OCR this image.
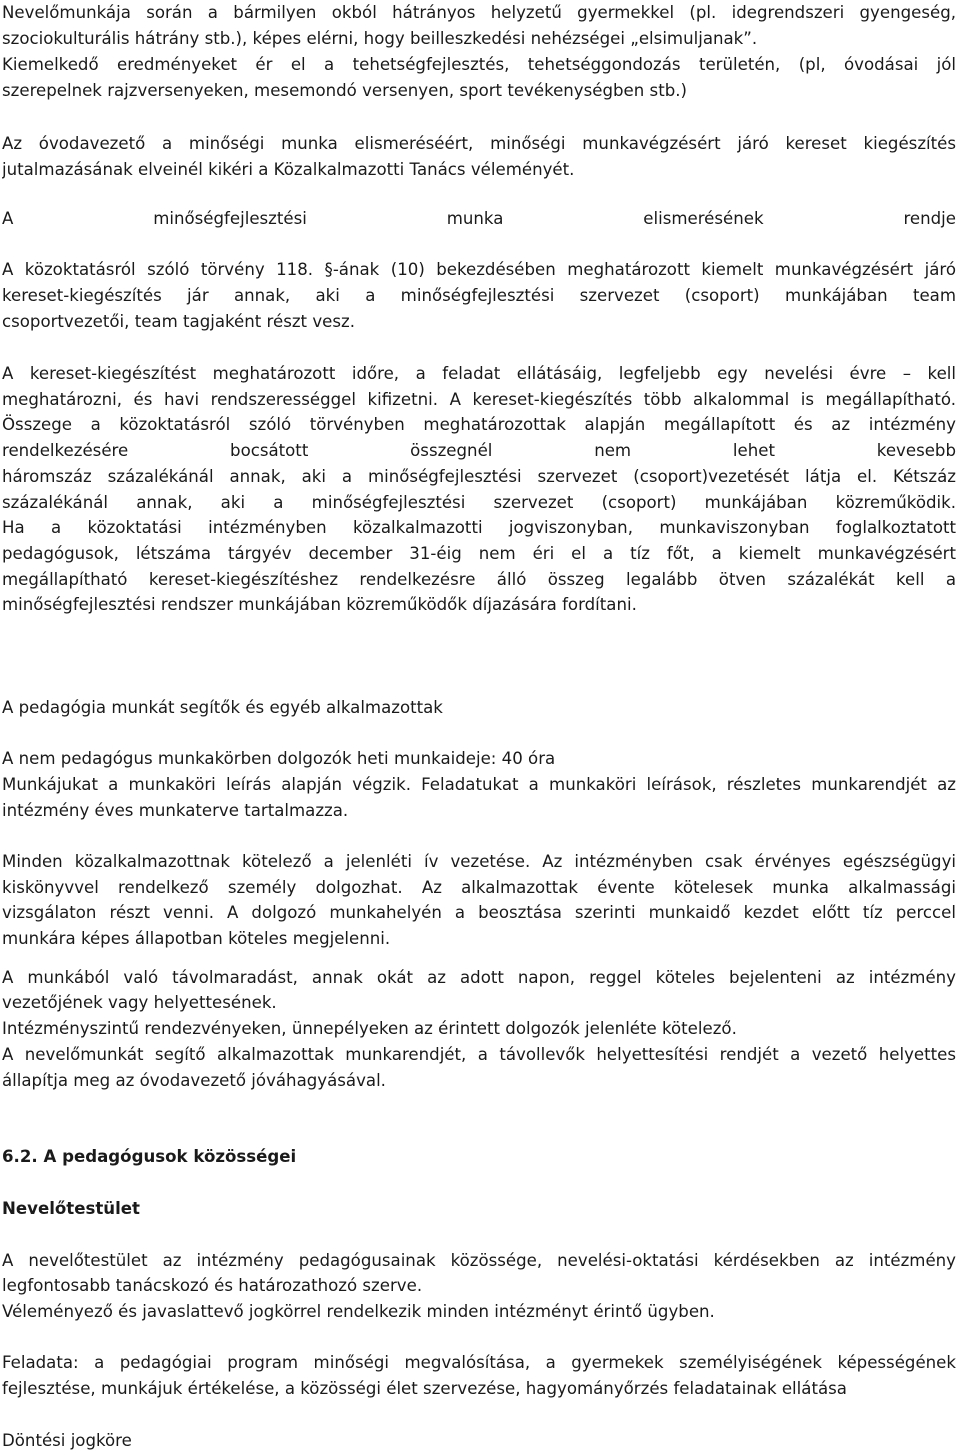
Nevelőmunkája során a bármilyen okból hátrányos helyzetű gyermekkel (pl. idegrendszeri gyengeség,
szociokulturális hátrány stb.), képes elérni, hogy beilleszkedési nehézségei „elsimuljanak”.
Kiemelkedő eredményeket ér el a tehetségfejlesztés, tehetséggondozás területén, (pl, óvodásai jól
szerepelnek rajzversenyeken, mesemondó versenyen, sport tevékenységben stb.)
Az óvodavezető a minőségi munka elismeréséért, minőségi munkavégzésért járó kereset kiegészítés
jutalmazásának elveinél kikéri a Közalkalmazotti Tanács véleményét.
A minőségfejlesztési munka elismerésének rendje
A közoktatásról szóló törvény 118. §-ának (10) bekezdésében meghatározott kiemelt munkavégzésért járó
kereset-kiegészítés jár annak, aki a minőségfejlesztési szervezet (csoport) munkájában team
csoportvezetői, team tagjaként részt vesz.
A kereset-kiegészítést meghatározott időre, a feladat ellátásáig, legfeljebb egy nevelési évre – kell
meghatározni, és havi rendszerességgel kifizetni. A kereset-kiegészítés több alkalommal is megállapítható.
Összege a közoktatásról szóló törvényben meghatározottak alapján megállapított és az intézmény
rendelkezésére bocsátott összegnél nem lehet kevesebb
háromszáz százalékánál annak, aki a minőségfejlesztési szervezet (csoport)vezetését látja el. Kétszáz
százalékánál annak, aki a minőségfejlesztési szervezet (csoport) munkájában közreműködik.
Ha a közoktatási intézményben közalkalmazotti jogviszonyban, munkaviszonyban foglalkoztatott
pedagógusok, létszáma tárgyév december 31-éig nem éri el a tíz főt, a kiemelt munkavégzésért
megállapítható kereset-kiegészítéshez rendelkezésre álló összeg legalább ötven százalékát kell a
minőségfejlesztési rendszer munkájában közreműködők díjazására fordítani.
A pedagógia munkát segítők és egyéb alkalmazottak
A nem pedagógus munkakörben dolgozók heti munkaideje: 40 óra
Munkájukat a munkaköri leírás alapján végzik. Feladatukat a munkaköri leírások, részletes munkarendjét az
intézmény éves munkaterve tartalmazza.
Minden közalkalmazottnak kötelező a jelenléti ív vezetése. Az intézményben csak érvényes egészségügyi
kiskönyvvel rendelkező személy dolgozhat. Az alkalmazottak évente kötelesek munka alkalmassági
vizsgálaton részt venni. A dolgozó munkahelyén a beosztása szerinti munkaidő kezdet előtt tíz perccel
munkára képes állapotban köteles megjelenni.
A munkából való távolmaradást, annak okát az adott napon, reggel köteles bejelenteni az intézmény
vezetőjének vagy helyettesének.
Intézményszintű rendezvényeken, ünnepélyeken az érintett dolgozók jelenléte kötelező.
A nevelőmunkát segítő alkalmazottak munkarendjét, a távollevők helyettesítési rendjét a vezető helyettes
állapítja meg az óvodavezető jóváhagyásával.
6.2. A pedagógusok közösségei
Nevelőtestület
A nevelőtestület az intézmény pedagógusainak közössége, nevelési-oktatási kérdésekben az intézmény
legfontosabb tanácskozó és határozathozó szerve.
Véleményező és javaslattevő jogkörrel rendelkezik minden intézményt érintő ügyben.
Feladata: a pedagógiai program minőségi megvalósítása, a gyermekek személyiségének képességének
fejlesztése, munkájuk értékelése, a közösségi élet szervezése, hagyományőrzés feladatainak ellátása
Döntési jogköre
